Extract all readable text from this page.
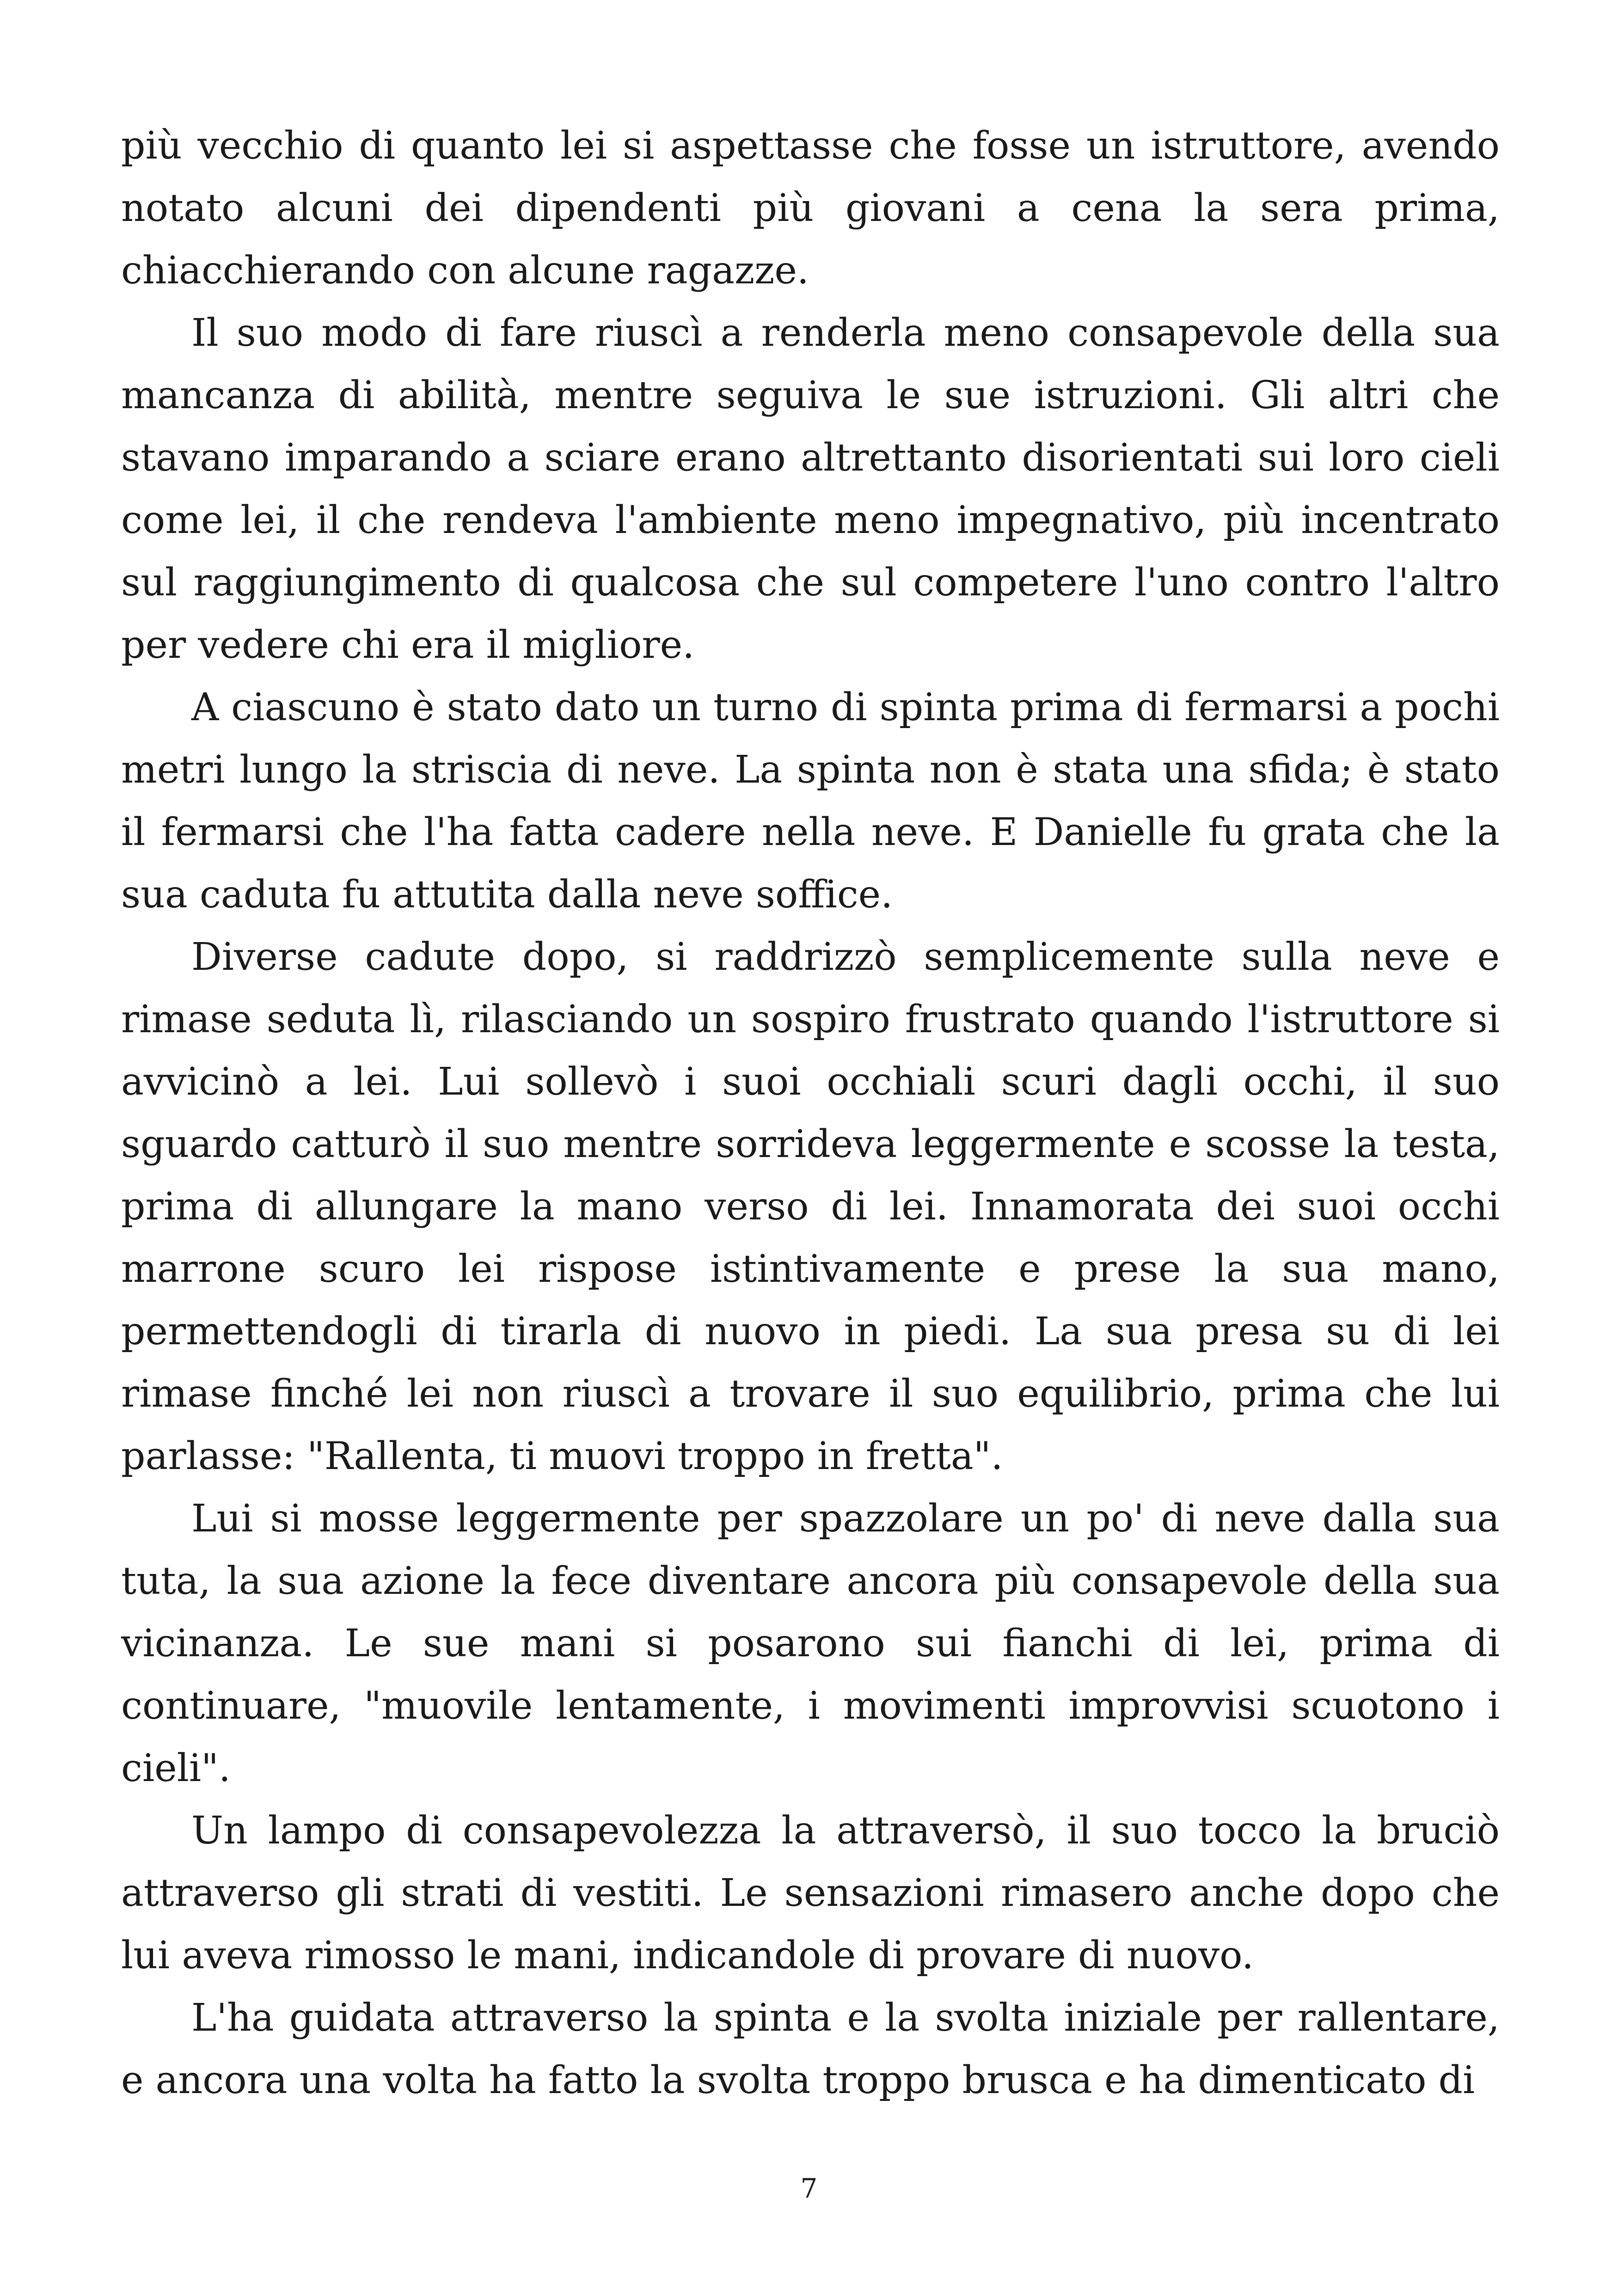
più vecchio di quanto lei si aspettasse che fosse un istruttore, avendo notato alcuni dei dipendenti più giovani a cena la sera prima, chiacchierando con alcune ragazze.

Il suo modo di fare riuscì a renderla meno consapevole della sua mancanza di abilità, mentre seguiva le sue istruzioni. Gli altri che stavano imparando a sciare erano altrettanto disorientati sui loro cieli come lei, il che rendeva l'ambiente meno impegnativo, più incentrato sul raggiungimento di qualcosa che sul competere l'uno contro l'altro per vedere chi era il migliore.

A ciascuno è stato dato un turno di spinta prima di fermarsi a pochi metri lungo la striscia di neve. La spinta non è stata una sfida; è stato il fermarsi che l'ha fatta cadere nella neve. E Danielle fu grata che la sua caduta fu attutita dalla neve soffice.

Diverse cadute dopo, si raddrizzò semplicemente sulla neve e rimase seduta lì, rilasciando un sospiro frustrato quando l'istruttore si avvicinò a lei. Lui sollevò i suoi occhiali scuri dagli occhi, il suo sguardo catturò il suo mentre sorrideva leggermente e scosse la testa, prima di allungare la mano verso di lei. Innamorata dei suoi occhi marrone scuro lei rispose istintivamente e prese la sua mano, permettendogli di tirarla di nuovo in piedi. La sua presa su di lei rimase finché lei non riuscì a trovare il suo equilibrio, prima che lui parlasse: "Rallenta, ti muovi troppo in fretta".

Lui si mosse leggermente per spazzolare un po' di neve dalla sua tuta, la sua azione la fece diventare ancora più consapevole della sua vicinanza. Le sue mani si posarono sui fianchi di lei, prima di continuare, "muovile lentamente, i movimenti improvvisi scuotono i cieli".

Un lampo di consapevolezza la attraversò, il suo tocco la bruciò attraverso gli strati di vestiti. Le sensazioni rimasero anche dopo che lui aveva rimosso le mani, indicandole di provare di nuovo.

L'ha guidata attraverso la spinta e la svolta iniziale per rallentare, e ancora una volta ha fatto la svolta troppo brusca e ha dimenticato di

7
